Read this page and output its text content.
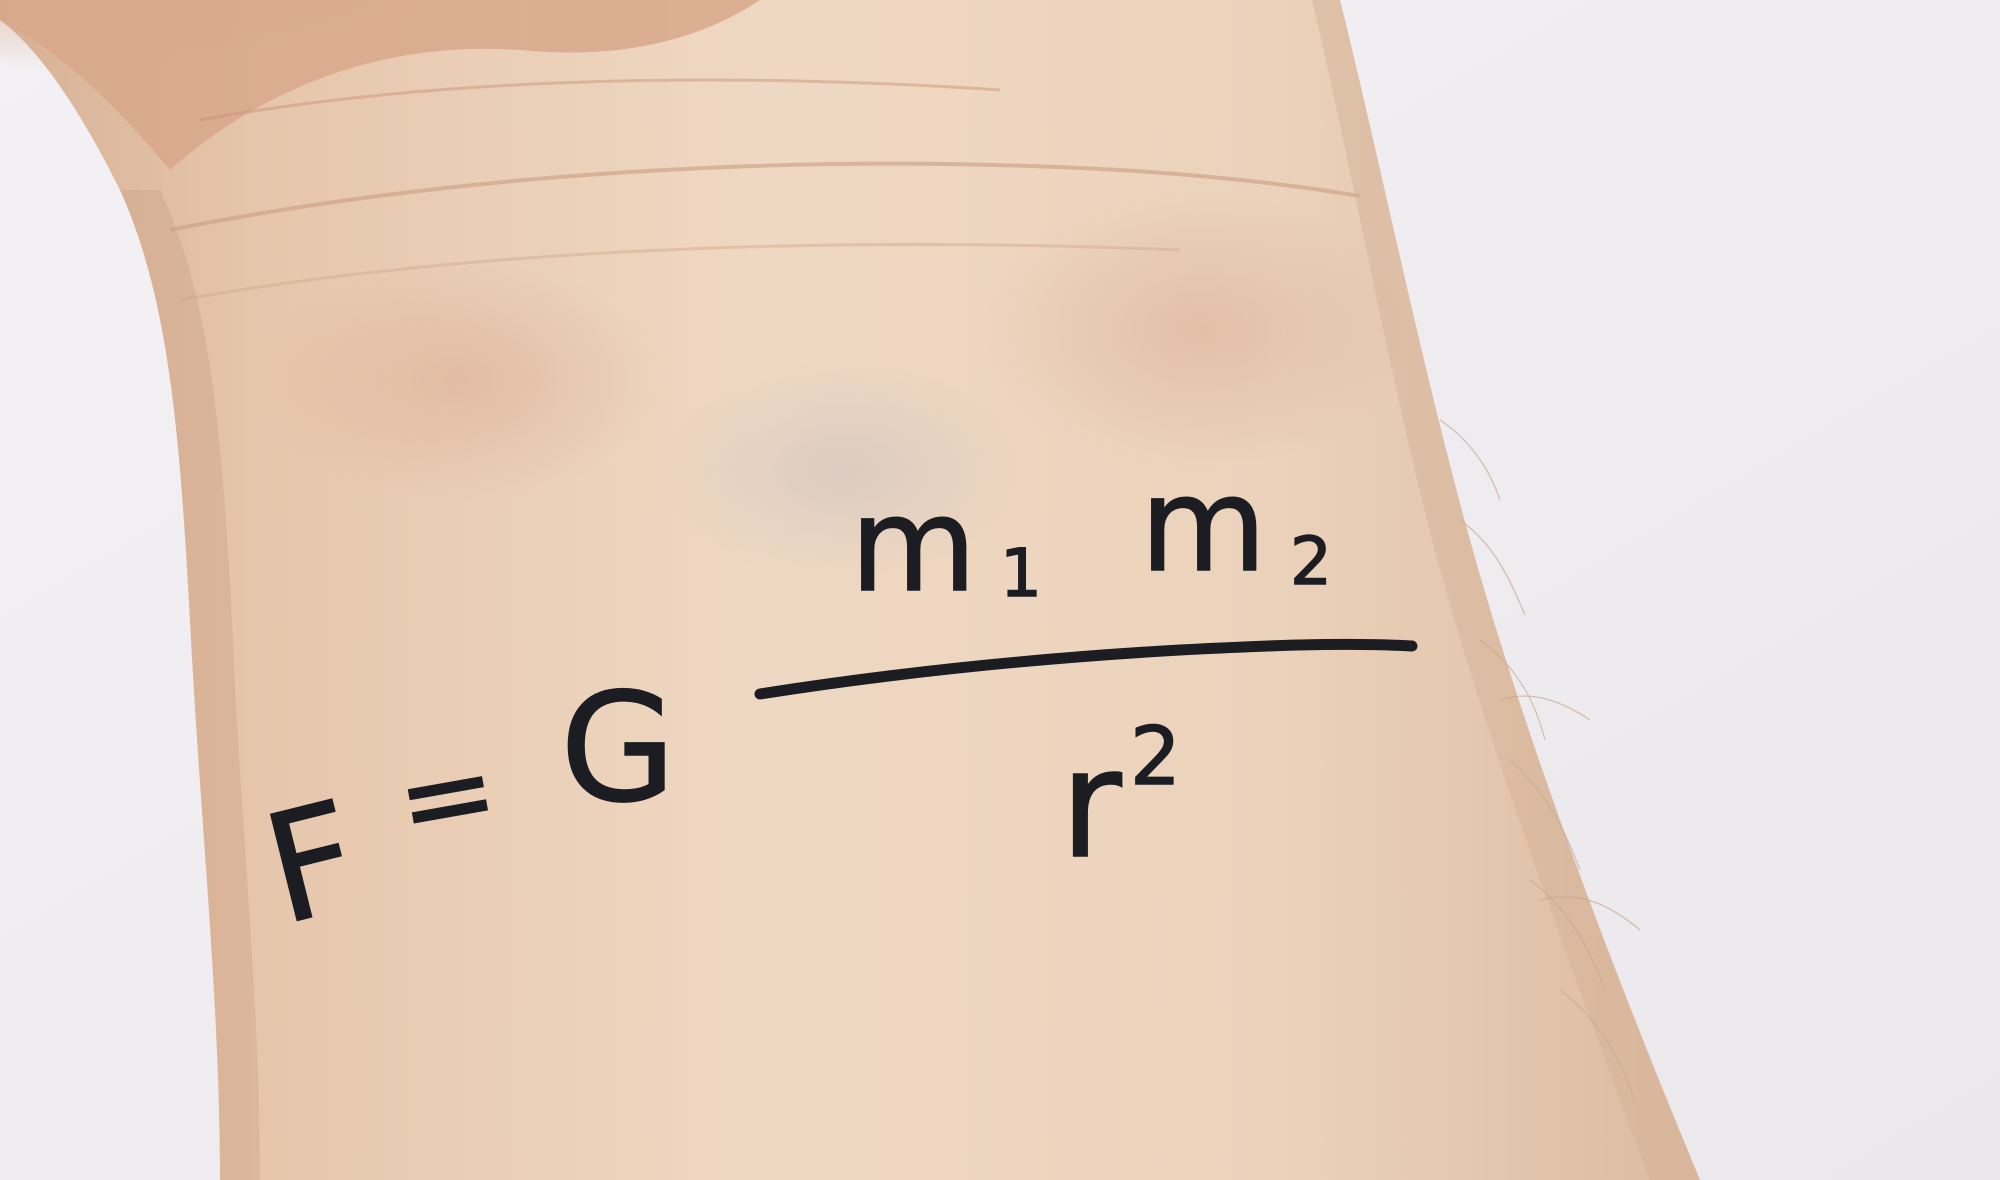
F = G
m 1 m 2
r 2
